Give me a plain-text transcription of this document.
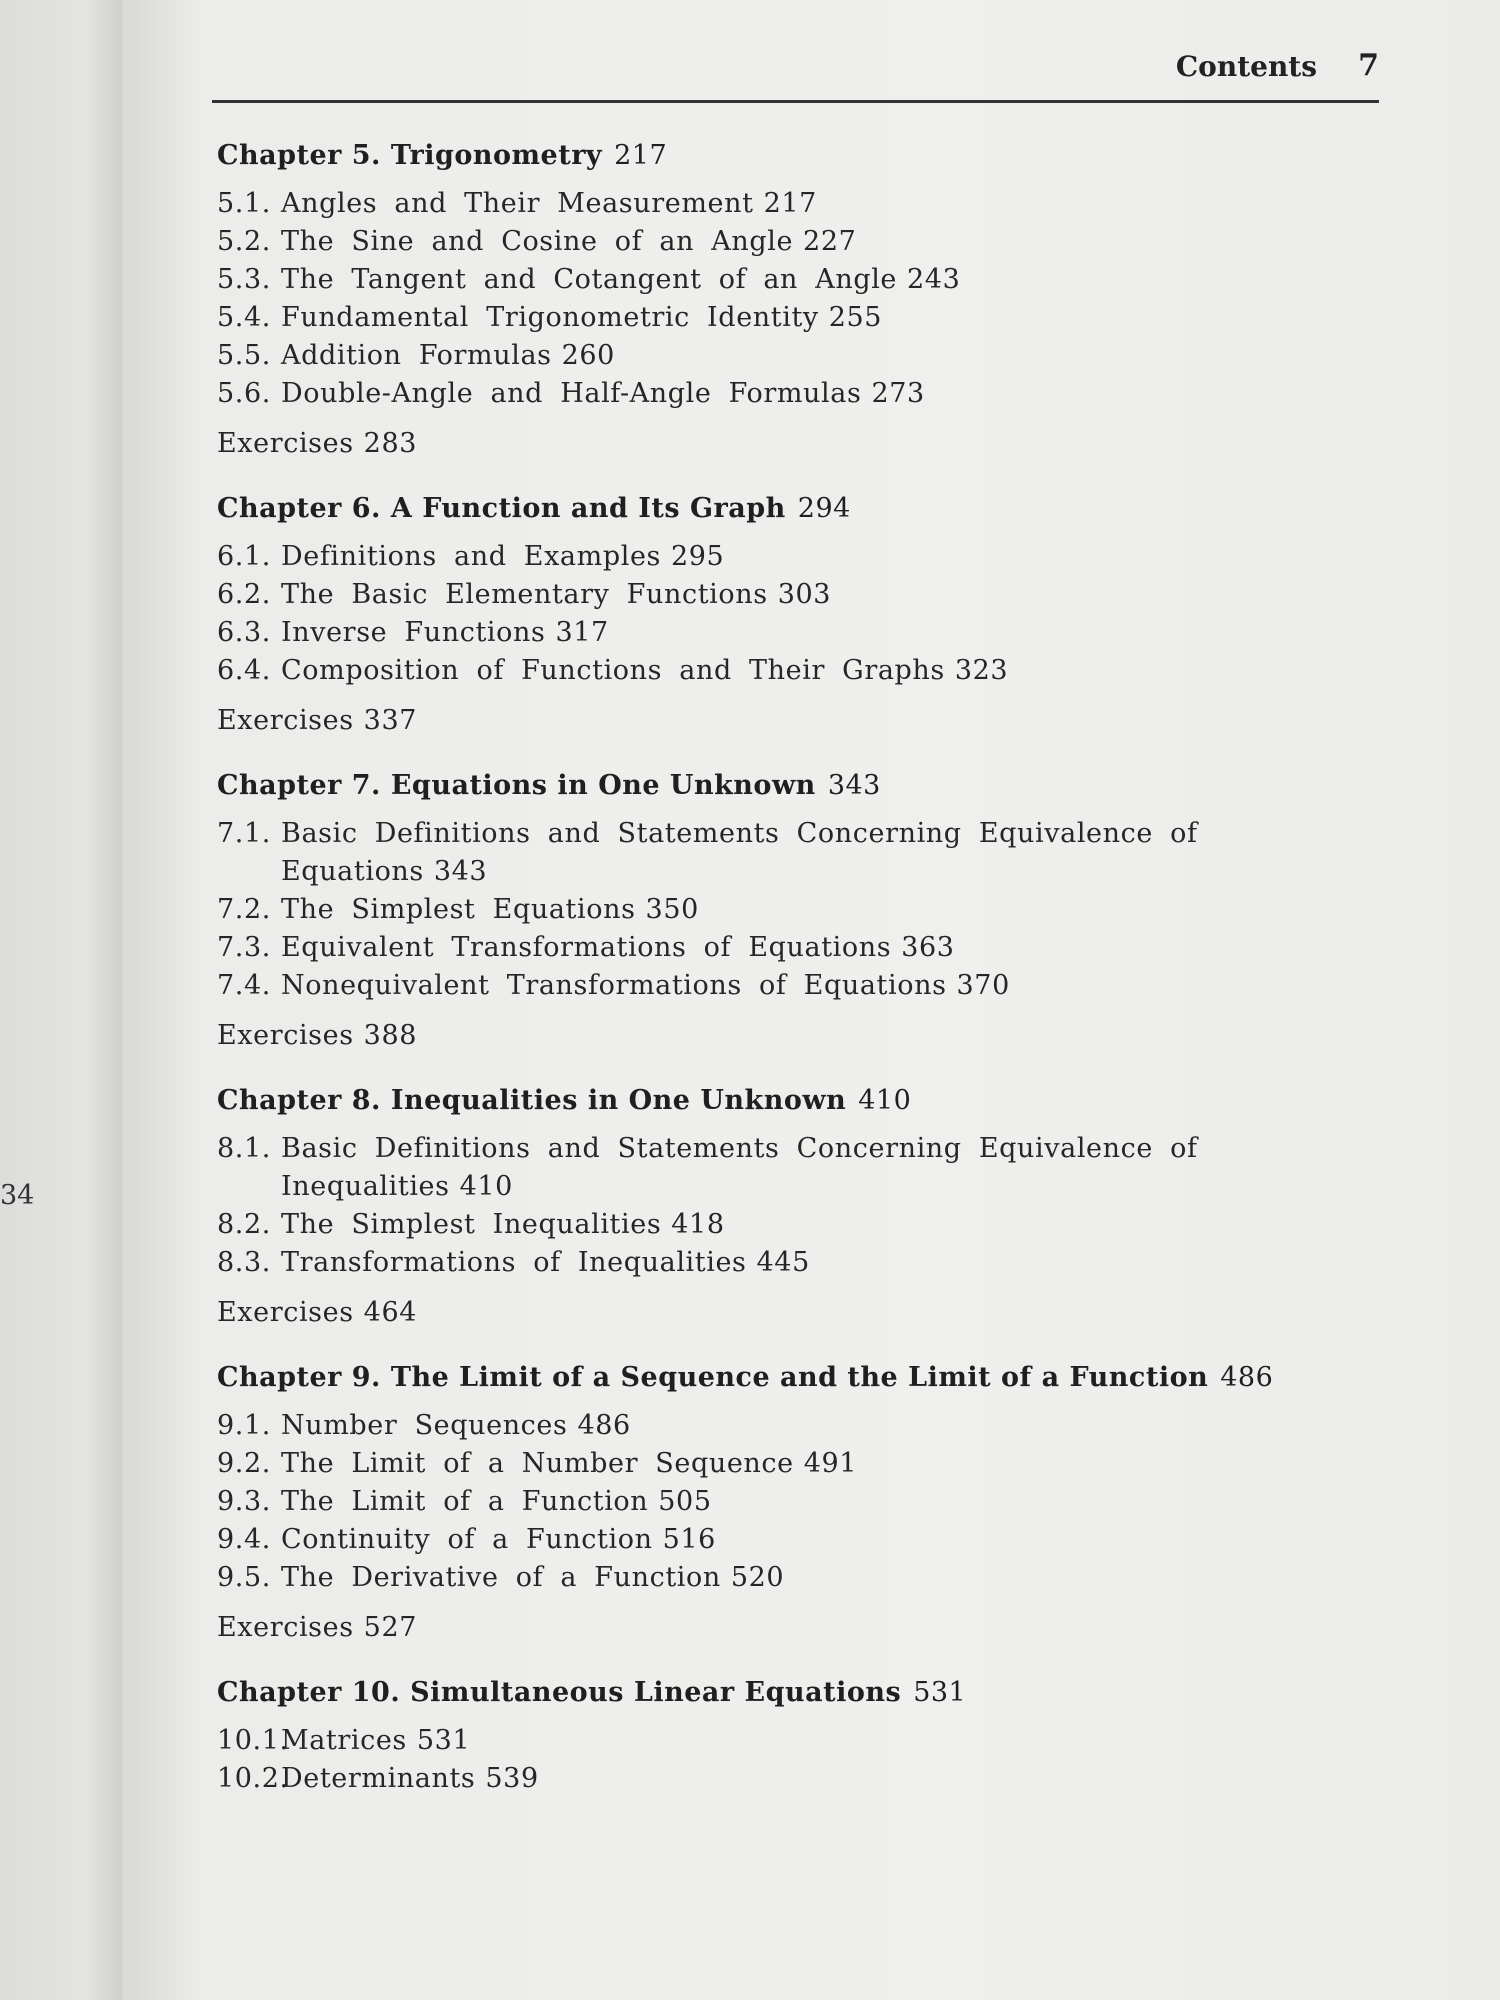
34
Contents 7
Chapter 5. Trigonometry 217
5.1. Angles and Their Measurement 217
5.2. The Sine and Cosine of an Angle 227
5.3. The Tangent and Cotangent of an Angle 243
5.4. Fundamental Trigonometric Identity 255
5.5. Addition Formulas 260
5.6. Double-Angle and Half-Angle Formulas 273
Exercises 283
Chapter 6. A Function and Its Graph 294
6.1. Definitions and Examples 295
6.2. The Basic Elementary Functions 303
6.3. Inverse Functions 317
6.4. Composition of Functions and Their Graphs 323
Exercises 337
Chapter 7. Equations in One Unknown 343
7.1. Basic Definitions and Statements Concerning Equivalence of Equations 343
7.2. The Simplest Equations 350
7.3. Equivalent Transformations of Equations 363
7.4. Nonequivalent Transformations of Equations 370
Exercises 388
Chapter 8. Inequalities in One Unknown 410
8.1. Basic Definitions and Statements Concerning Equivalence of Inequalities 410
8.2. The Simplest Inequalities 418
8.3. Transformations of Inequalities 445
Exercises 464
Chapter 9. The Limit of a Sequence and the Limit of a Function 486
9.1. Number Sequences 486
9.2. The Limit of a Number Sequence 491
9.3. The Limit of a Function 505
9.4. Continuity of a Function 516
9.5. The Derivative of a Function 520
Exercises 527
Chapter 10. Simultaneous Linear Equations 531
10.1.
Matrices 531
10.2.
Determinants 539
